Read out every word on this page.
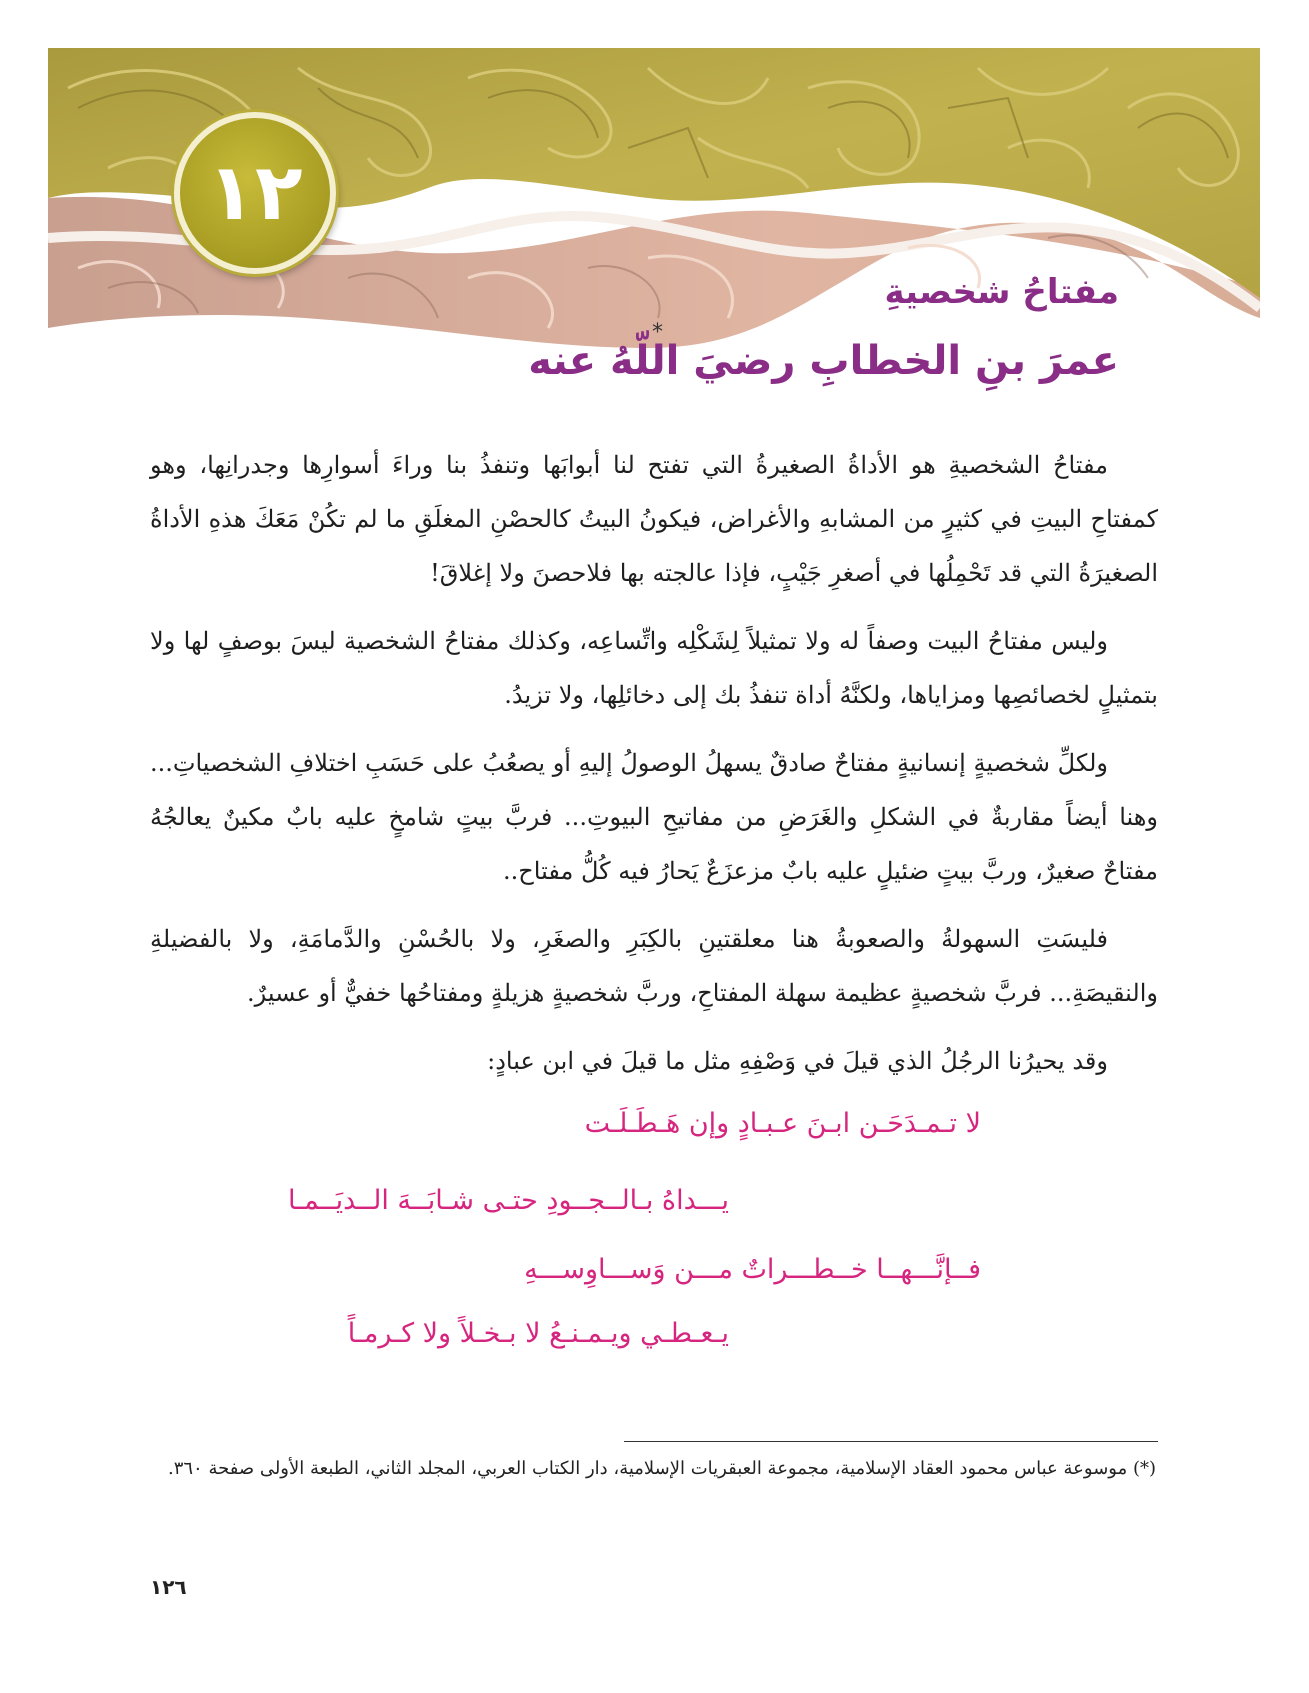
١٢
مفتاحُ شخصيةِ
عمرَ بنِ الخطابِ رضيَ اللّهُ عنه
*

مفتاحُ الشخصيةِ هو الأداةُ الصغيرةُ التي تفتح لنا أبوابَها وتنفذُ بنا وراءَ أسوارِها وجدرانِها، وهو كمفتاحِ البيتِ في كثيرٍ من المشابهِ والأغراض، فيكونُ البيتُ كالحصْنِ المغلَقِ ما لم تكُنْ مَعَكَ هذهِ الأداةُ الصغيرَةُ التي قد تَحْمِلُها في أصغرِ جَيْبٍ، فإذا عالجته بها فلاحصنَ ولا إغلاقَ!

وليس مفتاحُ البيت وصفاً له ولا تمثيلاً لِشَكْلِه واتِّساعِه، وكذلك مفتاحُ الشخصية ليسَ بوصفٍ لها ولا بتمثيلٍ لخصائصِها ومزاياها، ولكنَّهُ أداة تنفذُ بك إلى دخائلِها، ولا تزيدُ.

ولكلِّ شخصيةٍ إنسانيةٍ مفتاحٌ صادقٌ يسهلُ الوصولُ إليهِ أو يصعُبُ على حَسَبِ اختلافِ الشخصياتِ... وهنا أيضاً مقاربةٌ في الشكلِ والغَرَضِ من مفاتيحِ البيوتِ... فربَّ بيتٍ شامخٍ عليه بابٌ مكينٌ يعالجُهُ مفتاحٌ صغيرٌ، وربَّ بيتٍ ضئيلٍ عليه بابٌ مزعزَعٌ يَحارُ فيه كُلُّ مفتاح..

فليسَتِ السهولةُ والصعوبةُ هنا معلقتينِ بالكِبَرِ والصغَرِ، ولا بالحُسْنِ والدَّمامَةِ، ولا بالفضيلةِ والنقيصَةِ... فربَّ شخصيةٍ عظيمة سهلة المفتاحِ، وربَّ شخصيةٍ هزيلةٍ ومفتاحُها خفيٌّ أو عسيرٌ.

وقد يحيرُنا الرجُلُ الذي قيلَ في وَصْفِهِ مثل ما قيلَ في ابن عبادٍ:

لا تـمـدَحَـن ابـنَ عـبـادٍ وإن هَـطَـلَـت
يـــداهُ بـالــجــودِ حتـى شـابَــهَ الــديَــمـا
فــإنَّـــهــا خــطـــراتٌ مـــن وَســـاوِســـهِ
يـعـطـي ويـمـنـعُ لا بـخـلاً ولا كـرمـاً
(*) موسوعة عباس محمود العقاد الإسلامية، مجموعة العبقريات الإسلامية، دار الكتاب العربي، المجلد الثاني، الطبعة الأولى صفحة ٣٦٠.
١٢٦
